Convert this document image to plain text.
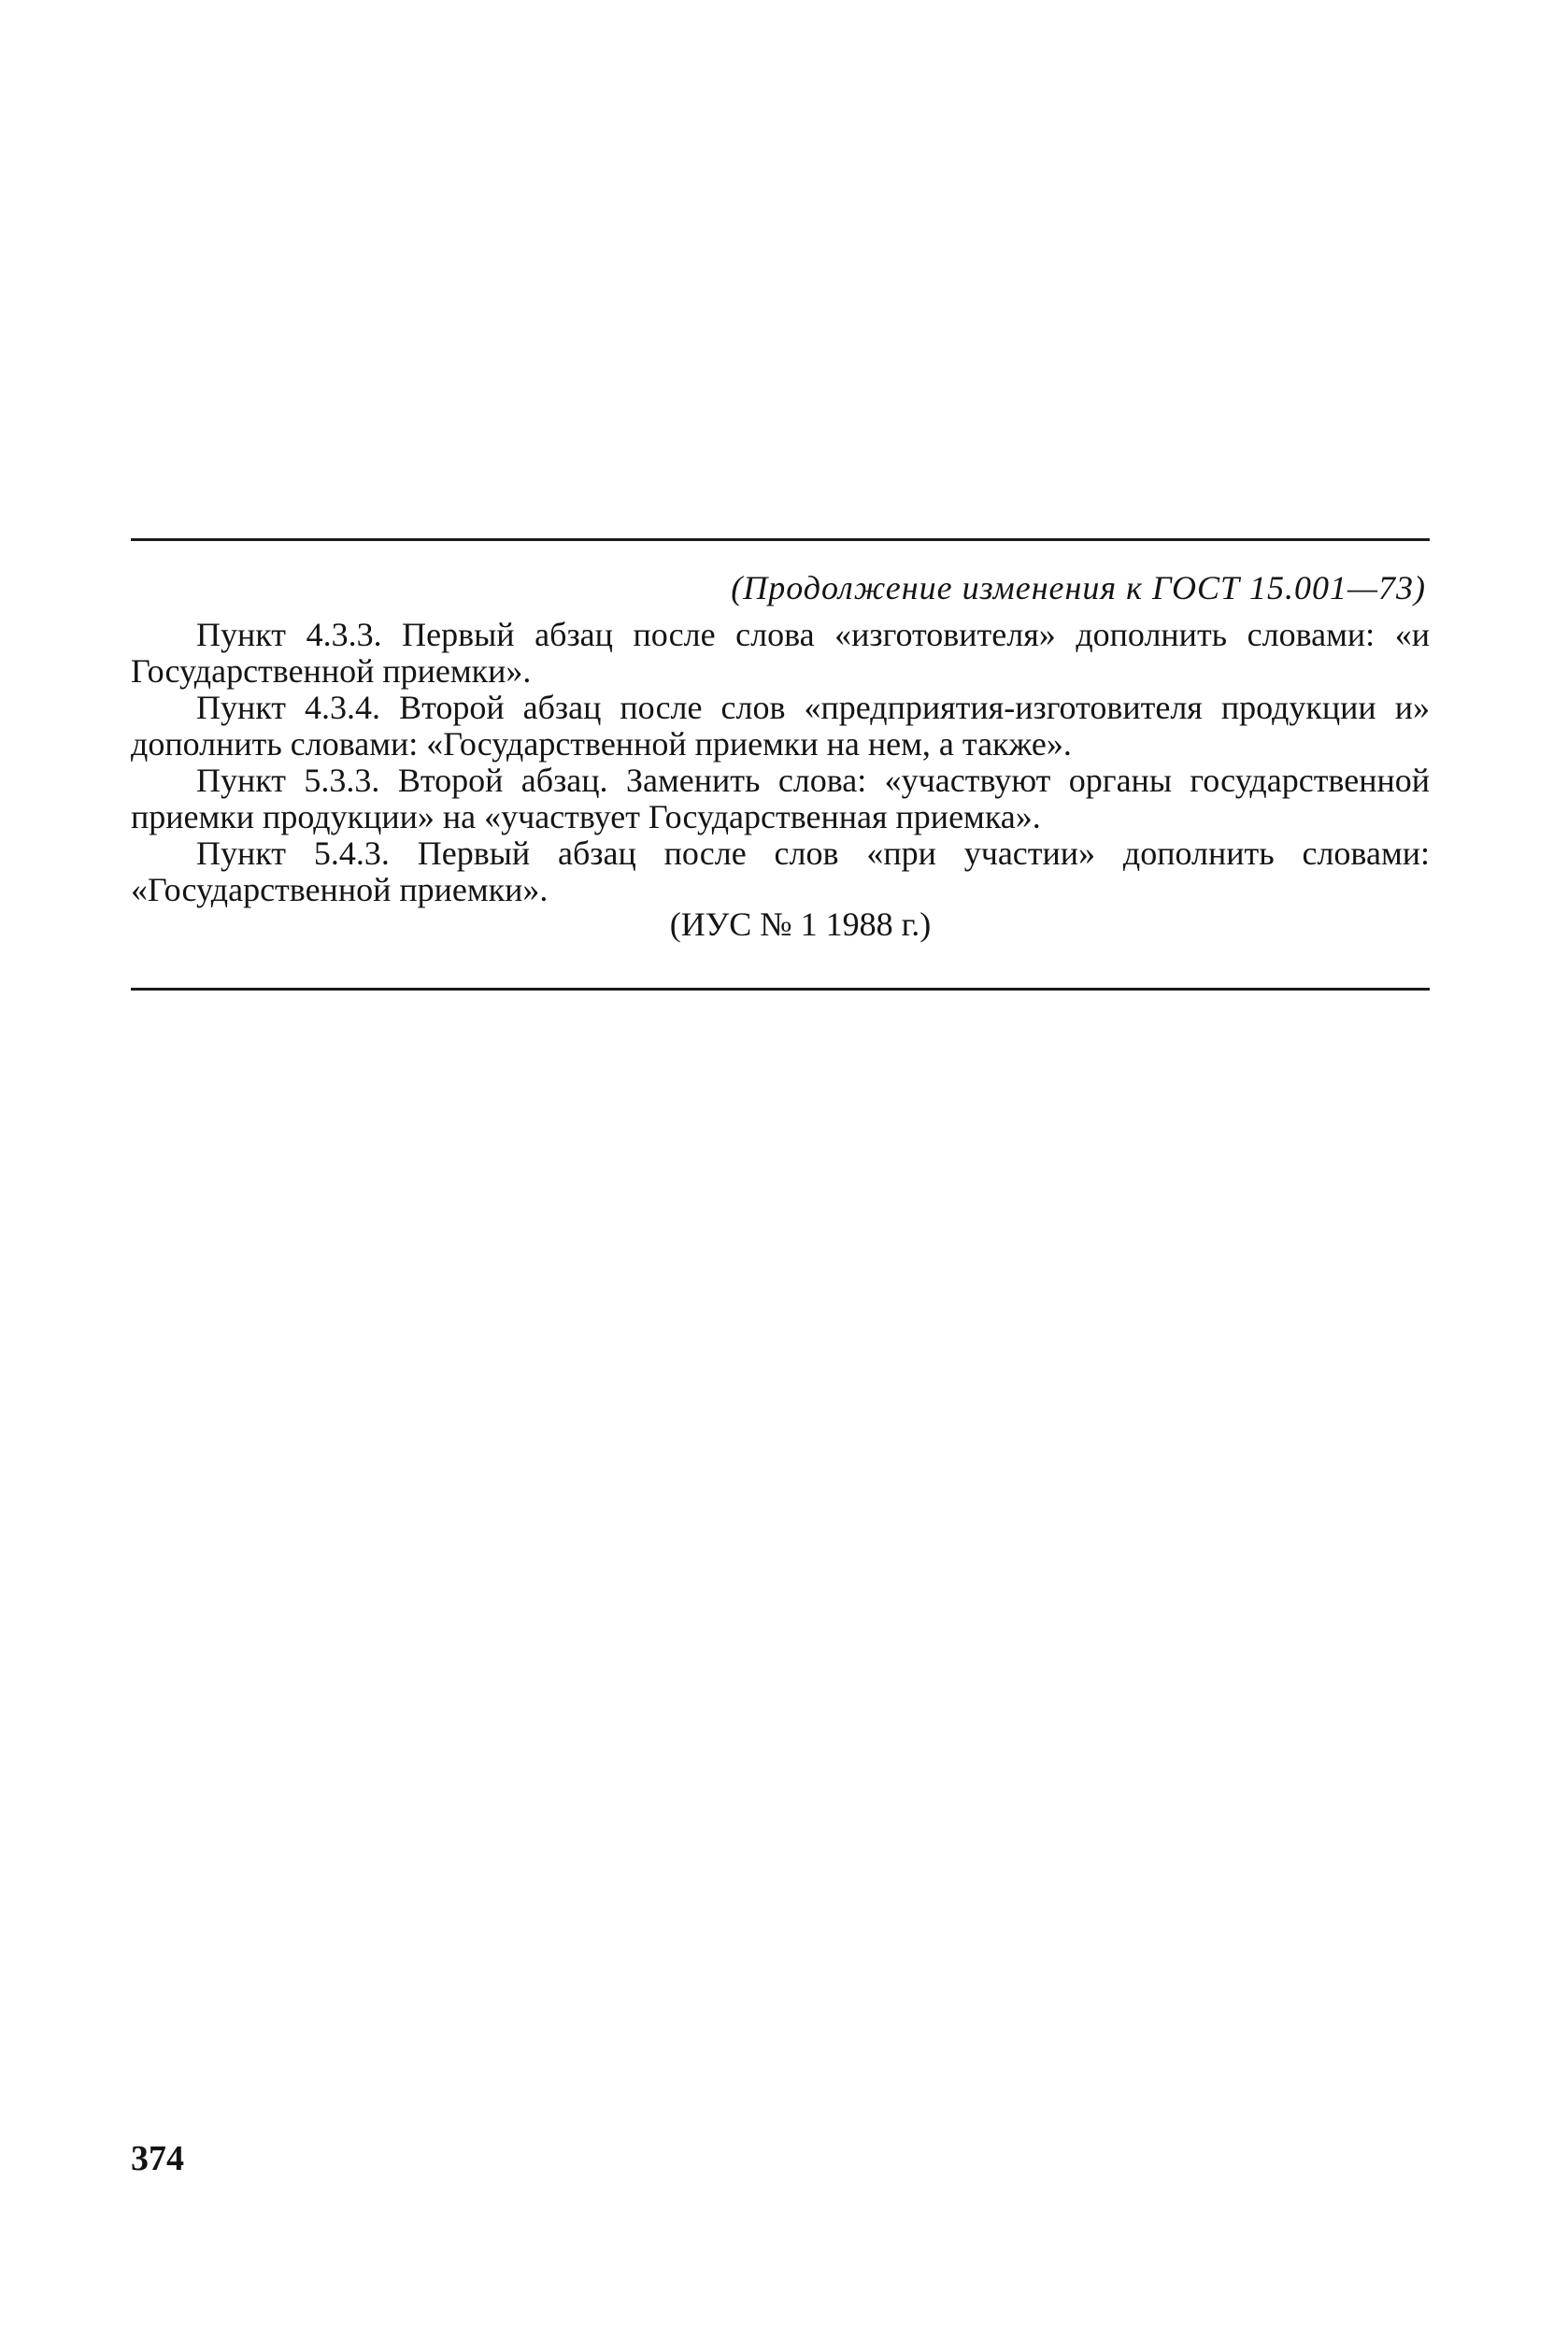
(Продолжение изменения к ГОСТ 15.001—73)

Пункт 4.3.3. Первый абзац после слова «изготовителя» дополнить словами: «и Государственной приемки».

Пункт 4.3.4. Второй абзац после слов «предприятия-изготовителя продукции и» дополнить словами: «Государственной приемки на нем, а также».

Пункт 5.3.3. Второй абзац. Заменить слова: «участвуют органы государственной приемки продукции» на «участвует Государственная приемка».

Пункт 5.4.3. Первый абзац после слов «при участии» дополнить словами: «Государственной приемки».

(ИУС № 1 1988 г.)
374
